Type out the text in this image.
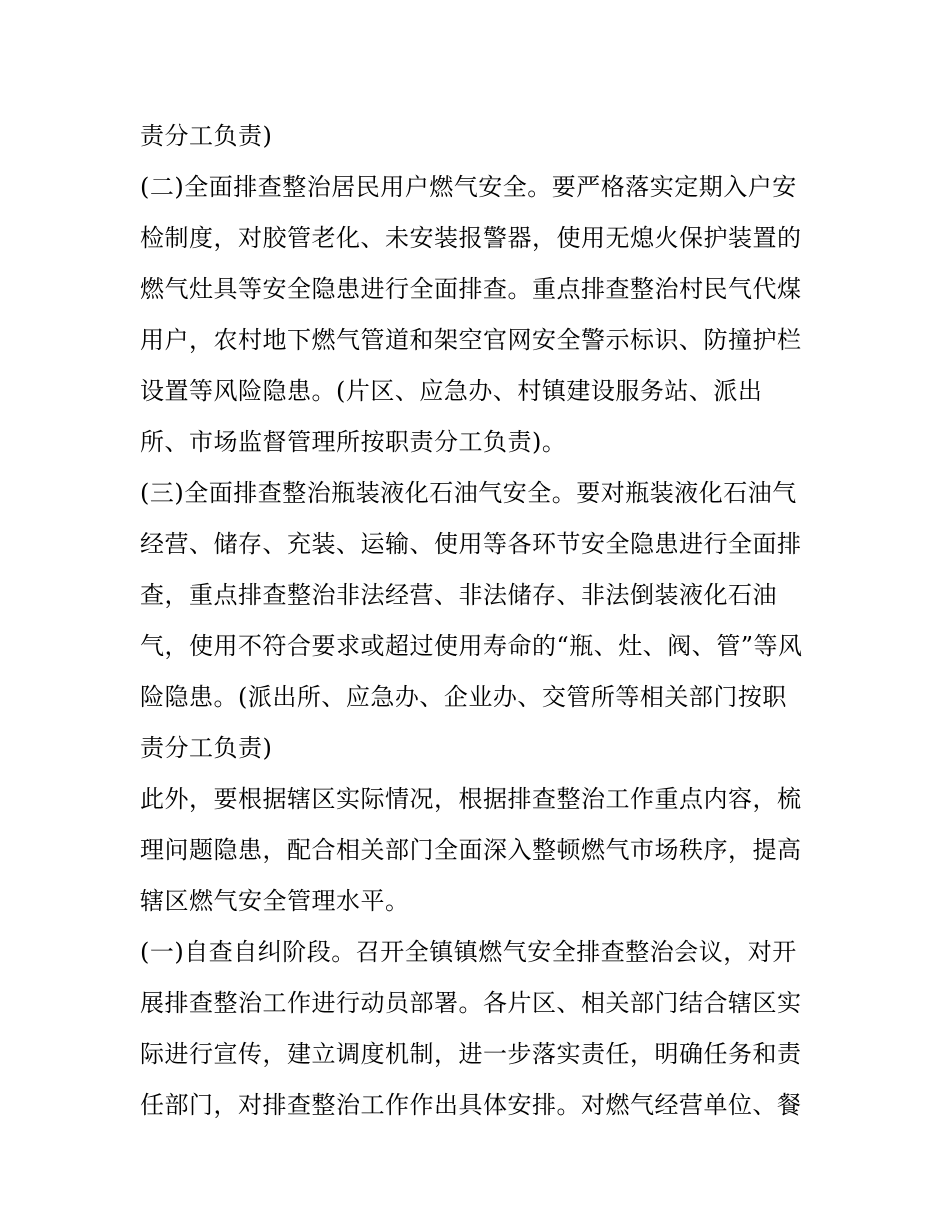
责分工负责)
(二)全面排查整治居民用户燃气安全。要严格落实定期入户安
检制度，对胶管老化、未安装报警器，使用无熄火保护装置的
燃气灶具等安全隐患进行全面排查。重点排查整治村民气代煤
用户，农村地下燃气管道和架空官网安全警示标识、防撞护栏
设置等风险隐患。(片区、应急办、村镇建设服务站、派出
所、市场监督管理所按职责分工负责)。
(三)全面排查整治瓶装液化石油气安全。要对瓶装液化石油气
经营、储存、充装、运输、使用等各环节安全隐患进行全面排
查，重点排查整治非法经营、非法储存、非法倒装液化石油
气，使用不符合要求或超过使用寿命的“瓶、灶、阀、管”等风
险隐患。(派出所、应急办、企业办、交管所等相关部门按职
责分工负责)
此外，要根据辖区实际情况，根据排查整治工作重点内容，梳
理问题隐患，配合相关部门全面深入整顿燃气市场秩序，提高
辖区燃气安全管理水平。
(一)自查自纠阶段。召开全镇镇燃气安全排查整治会议，对开
展排查整治工作进行动员部署。各片区、相关部门结合辖区实
际进行宣传，建立调度机制，进一步落实责任，明确任务和责
任部门，对排查整治工作作出具体安排。对燃气经营单位、餐
